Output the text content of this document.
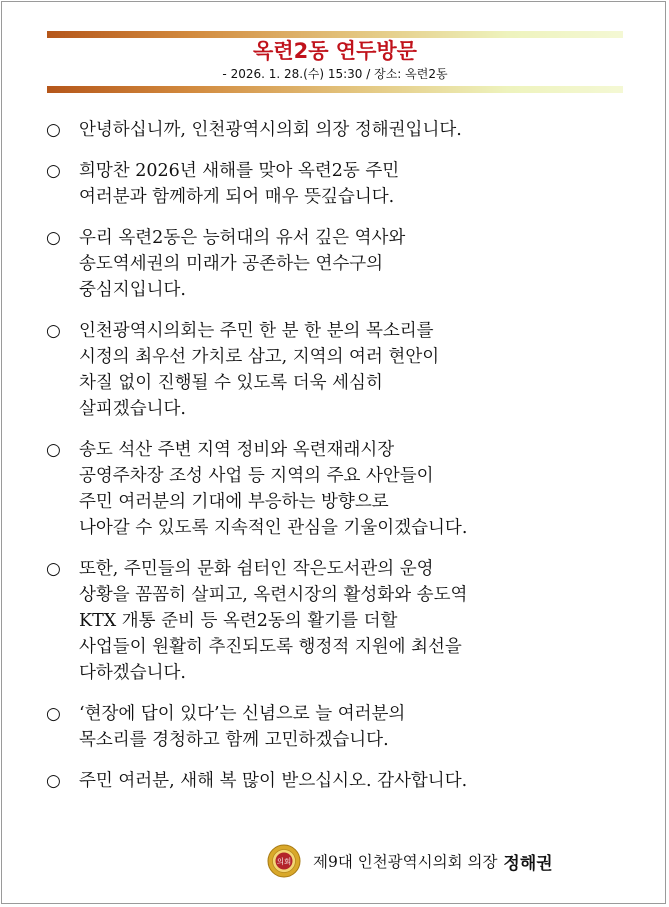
옥련2동 연두방문
- 2026. 1. 28.(수) 15:30 / 장소: 옥련2동
○ 안녕하십니까, 인천광역시의회 의장 정해권입니다.
○ 희망찬 2026년 새해를 맞아 옥련2동 주민
여러분과 함께하게 되어 매우 뜻깊습니다.
○ 우리 옥련2동은 능허대의 유서 깊은 역사와
송도역세권의 미래가 공존하는 연수구의
중심지입니다.
○ 인천광역시의회는 주민 한 분 한 분의 목소리를
시정의 최우선 가치로 삼고, 지역의 여러 현안이
차질 없이 진행될 수 있도록 더욱 세심히
살피겠습니다.
○ 송도 석산 주변 지역 정비와 옥련재래시장
공영주차장 조성 사업 등 지역의 주요 사안들이
주민 여러분의 기대에 부응하는 방향으로
나아갈 수 있도록 지속적인 관심을 기울이겠습니다.
○ 또한, 주민들의 문화 쉼터인 작은도서관의 운영
상황을 꼼꼼히 살피고, 옥련시장의 활성화와 송도역
KTX 개통 준비 등 옥련2동의 활기를 더할
사업들이 원활히 추진되도록 행정적 지원에 최선을
다하겠습니다.
○ ‘현장에 답이 있다’는 신념으로 늘 여러분의
목소리를 경청하고 함께 고민하겠습니다.
○ 주민 여러분, 새해 복 많이 받으십시오. 감사합니다.
의회 제9대 인천광역시의회 의장 정해권
